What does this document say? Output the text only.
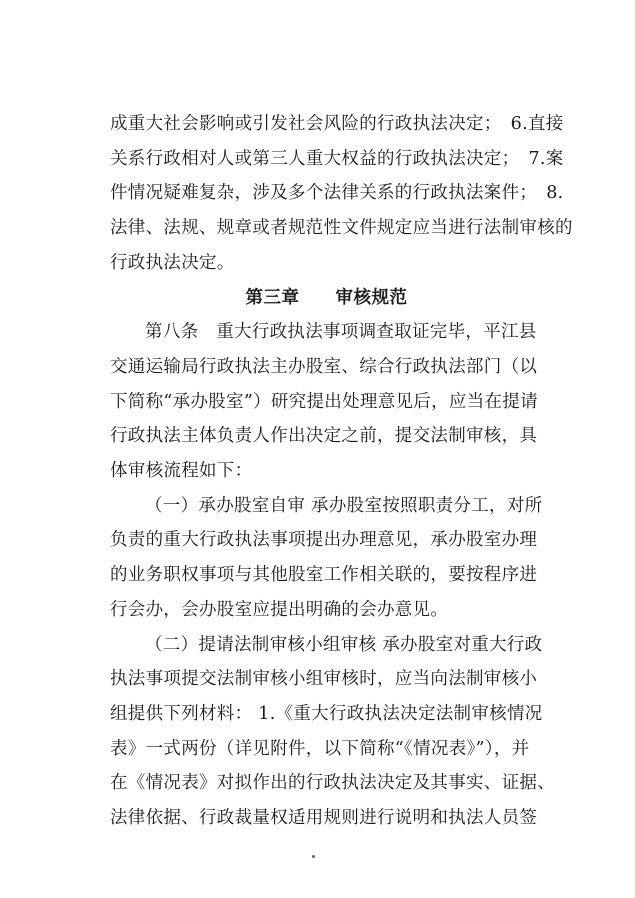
成重大社会影响或引发社会风险的行政执法决定；　6.直接
关系行政相对人或第三人重大权益的行政执法决定；　7.案
件情况疑难复杂，涉及多个法律关系的行政执法案件；　8.
法律、法规、规章或者规范性文件规定应当进行法制审核的
行政执法决定。
第三章　　审核规范
第八条　重大行政执法事项调查取证完毕，平江县
交通运输局行政执法主办股室、综合行政执法部门（以
下简称“承办股室”）研究提出处理意见后，应当在提请
行政执法主体负责人作出决定之前，提交法制审核，具
体审核流程如下：
（一）承办股室自审 承办股室按照职责分工，对所
负责的重大行政执法事项提出办理意见，承办股室办理
的业务职权事项与其他股室工作相关联的，要按程序进
行会办，会办股室应提出明确的会办意见。
（二）提请法制审核小组审核 承办股室对重大行政
执法事项提交法制审核小组审核时，应当向法制审核小
组提供下列材料： 1.《重大行政执法决定法制审核情况
表》一式两份（详见附件，以下简称“《情况表》”），并
在《情况表》对拟作出的行政执法决定及其事实、证据、
法律依据、行政裁量权适用规则进行说明和执法人员签
